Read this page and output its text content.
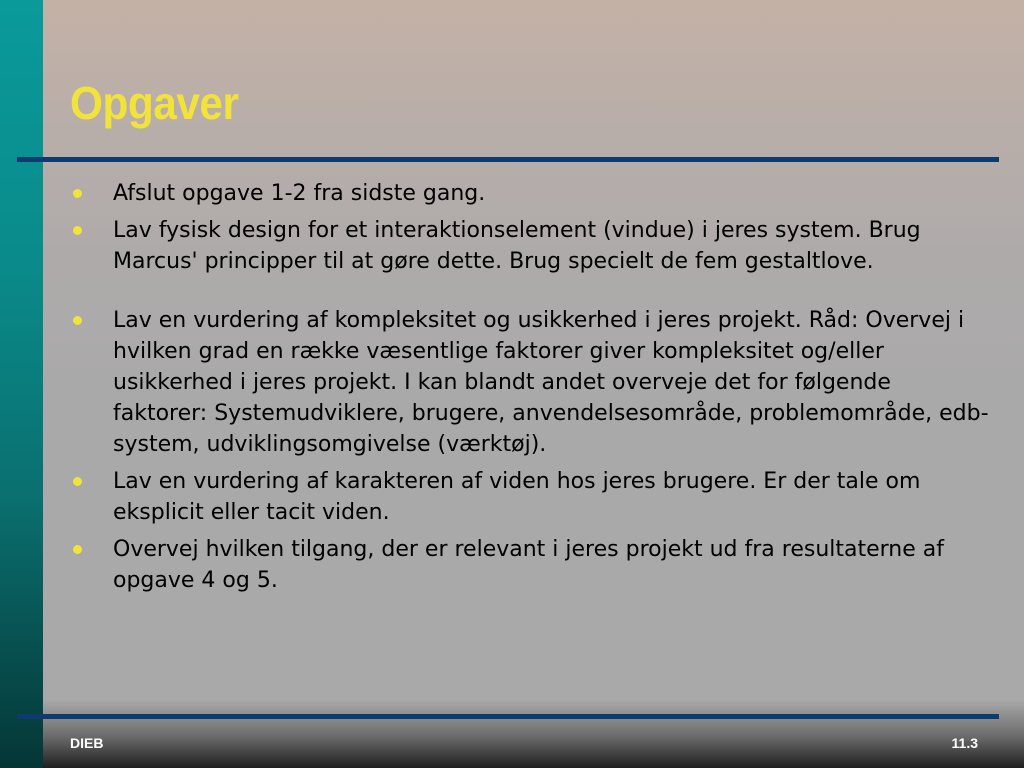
Opgaver
Afslut opgave 1-2 fra sidste gang.
Lav fysisk design for et interaktionselement (vindue) i jeres system. Brug Marcus' principper til at gøre dette. Brug specielt de fem gestaltlove.
Lav en vurdering af kompleksitet og usikkerhed i jeres projekt. Råd: Overvej i hvilken grad en række væsentlige faktorer giver kompleksitet og/eller usikkerhed i jeres projekt. I kan blandt andet overveje det for følgende faktorer: Systemudviklere, brugere, anvendelsesområde, problemområde, edb-system, udviklingsomgivelse (værktøj).
Lav en vurdering af karakteren af viden hos jeres brugere. Er der tale om eksplicit eller tacit viden.
Overvej hvilken tilgang, der er relevant i jeres projekt ud fra resultaterne af opgave 4 og 5.
DIEB	11.3
